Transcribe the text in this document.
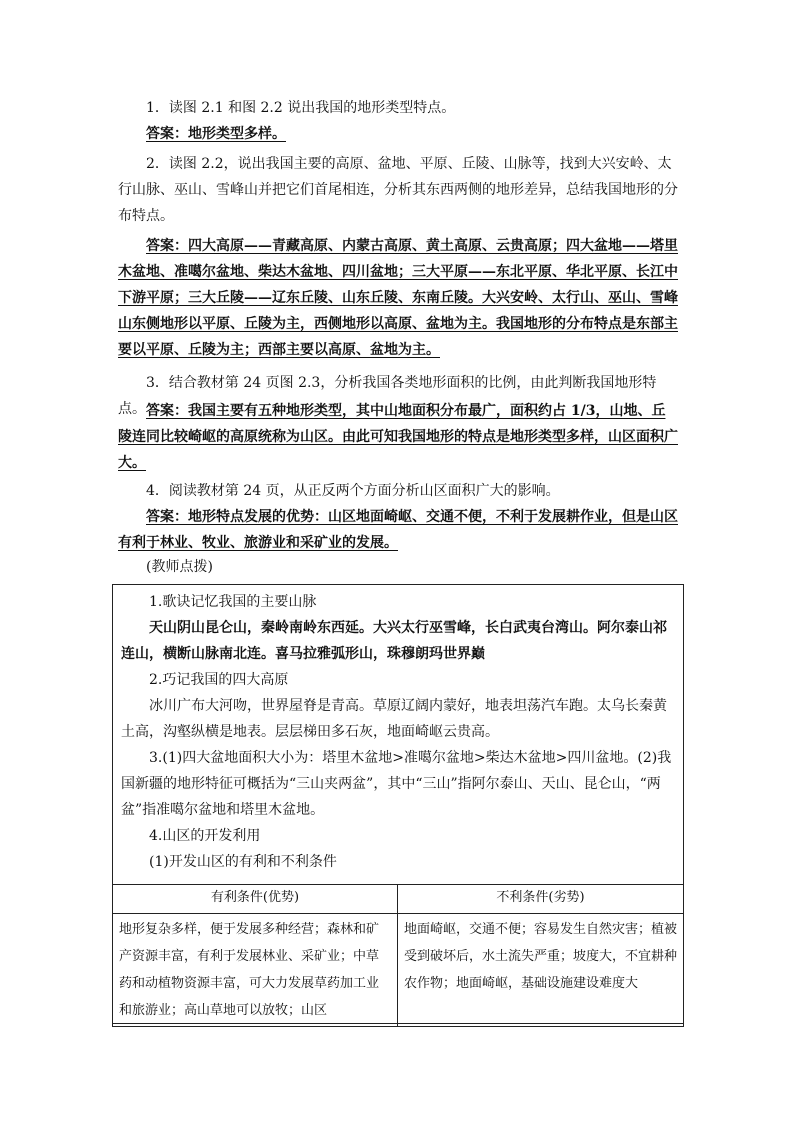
1．读图 2.1 和图 2.2 说出我国的地形类型特点。
答案：地形类型多样。
2．读图 2.2，说出我国主要的高原、盆地、平原、丘陵、山脉等，找到大兴安岭、太行山脉、巫山、雪峰山并把它们首尾相连，分析其东西两侧的地形差异，总结我国地形的分布特点。
答案：四大高原——青藏高原、内蒙古高原、黄土高原、云贵高原；四大盆地——塔里木盆地、准噶尔盆地、柴达木盆地、四川盆地；三大平原——东北平原、华北平原、长江中下游平原；三大丘陵——辽东丘陵、山东丘陵、东南丘陵。大兴安岭、太行山、巫山、雪峰山东侧地形以平原、丘陵为主，西侧地形以高原、盆地为主。我国地形的分布特点是东部主要以平原、丘陵为主；西部主要以高原、盆地为主。
3．结合教材第 24 页图 2.3，分析我国各类地形面积的比例，由此判断我国地形特点。 答案：我国主要有五种地形类型，其中山地面积分布最广，面积约占 1/3，山地、丘陵连同比较崎岖的高原统称为山区。由此可知我国地形的特点是地形类型多样，山区面积广大。
4．阅读教材第 24 页，从正反两个方面分析山区面积广大的影响。
答案：地形特点发展的优势：山区地面崎岖、交通不便，不利于发展耕作业，但是山区有利于林业、牧业、旅游业和采矿业的发展。
(教师点拨)
1.歌诀记忆我国的主要山脉
天山阴山昆仑山，秦岭南岭东西延。大兴太行巫雪峰，长白武夷台湾山。阿尔泰山祁连山，横断山脉南北连。喜马拉雅弧形山，珠穆朗玛世界巅
2.巧记我国的四大高原
冰川广布大河吻，世界屋脊是青高。草原辽阔内蒙好，地表坦荡汽车跑。太乌长秦黄土高，沟壑纵横是地表。层层梯田多石灰，地面崎岖云贵高。
3.(1)四大盆地面积大小为：塔里木盆地>准噶尔盆地>柴达木盆地>四川盆地。(2)我国新疆的地形特征可概括为“三山夹两盆”，其中“三山”指阿尔泰山、天山、昆仑山，“两盆”指准噶尔盆地和塔里木盆地。
4.山区的开发利用
(1)开发山区的有利和不利条件
有利条件(优势)	不利条件(劣势)
地形复杂多样，便于发展多种经营；森林和矿产资源丰富，有利于发展林业、采矿业；中草药和动植物资源丰富，可大力发展草药加工业和旅游业；高山草地可以放牧；山区	地面崎岖，交通不便；容易发生自然灾害；植被受到破坏后，水土流失严重；坡度大，不宜耕种农作物；地面崎岖，基础设施建设难度大
